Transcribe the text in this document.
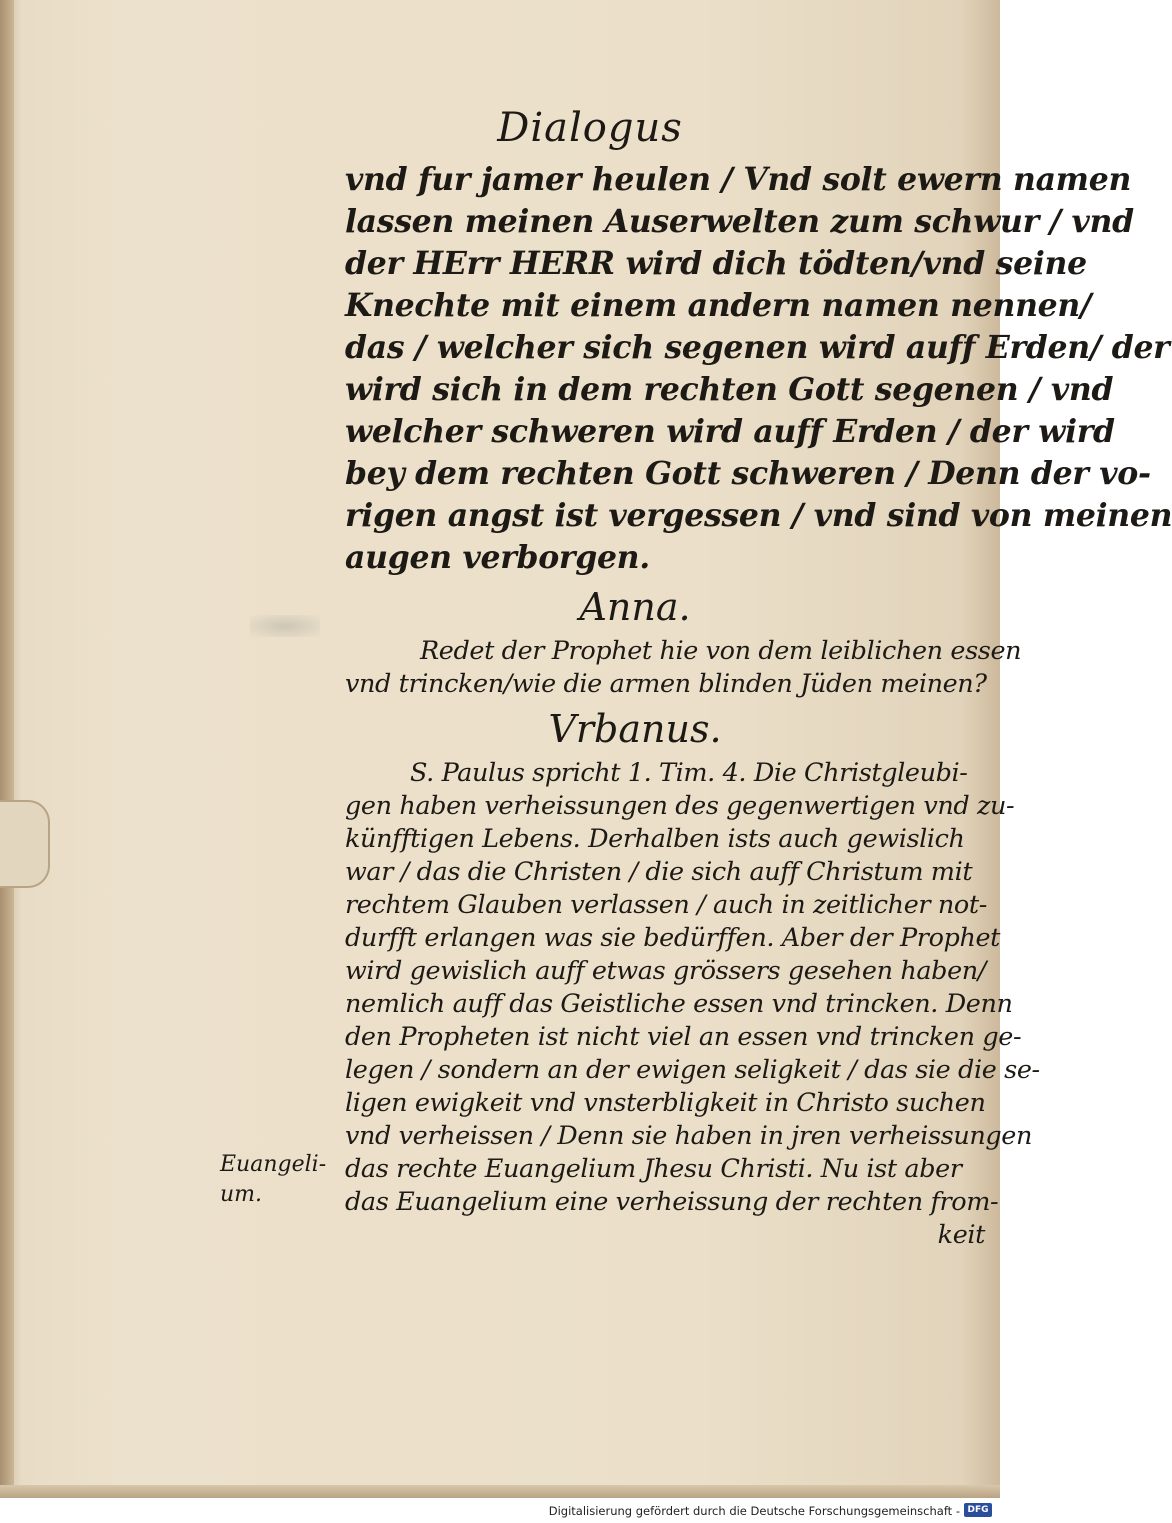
Dialogus
vnd fur jamer heulen / Vnd solt ewern namen
lassen meinen Auserwelten zum schwur / vnd
der HErr HERR wird dich tödten/vnd seine
Knechte mit einem andern namen nennen/
das / welcher sich segenen wird auff Erden/ der
wird sich in dem rechten Gott segenen / vnd
welcher schweren wird auff Erden / der wird
bey dem rechten Gott schweren / Denn der vo-
rigen angst ist vergessen / vnd sind von meinen
augen verborgen.
Anna.
Redet der Prophet hie von dem leiblichen essen
vnd trincken/wie die armen blinden Jüden meinen?
Vrbanus.
S. Paulus spricht 1. Tim. 4. Die Christgleubi-
gen haben verheissungen des gegenwertigen vnd zu-
künfftigen Lebens. Derhalben ists auch gewislich
war / das die Christen / die sich auff Christum mit
rechtem Glauben verlassen / auch in zeitlicher not-
durfft erlangen was sie bedürffen. Aber der Prophet
wird gewislich auff etwas grössers gesehen haben/
nemlich auff das Geistliche essen vnd trincken. Denn
den Propheten ist nicht viel an essen vnd trincken ge-
legen / sondern an der ewigen seligkeit / das sie die se-
ligen ewigkeit vnd vnsterbligkeit in Christo suchen
vnd verheissen / Denn sie haben in jren verheissungen
das rechte Euangelium Jhesu Christi. Nu ist aber
das Euangelium eine verheissung der rechten from-
keit
Euangeli-
um.
Digitalisierung gefördert durch die Deutsche Forschungsgemeinschaft - DFG
